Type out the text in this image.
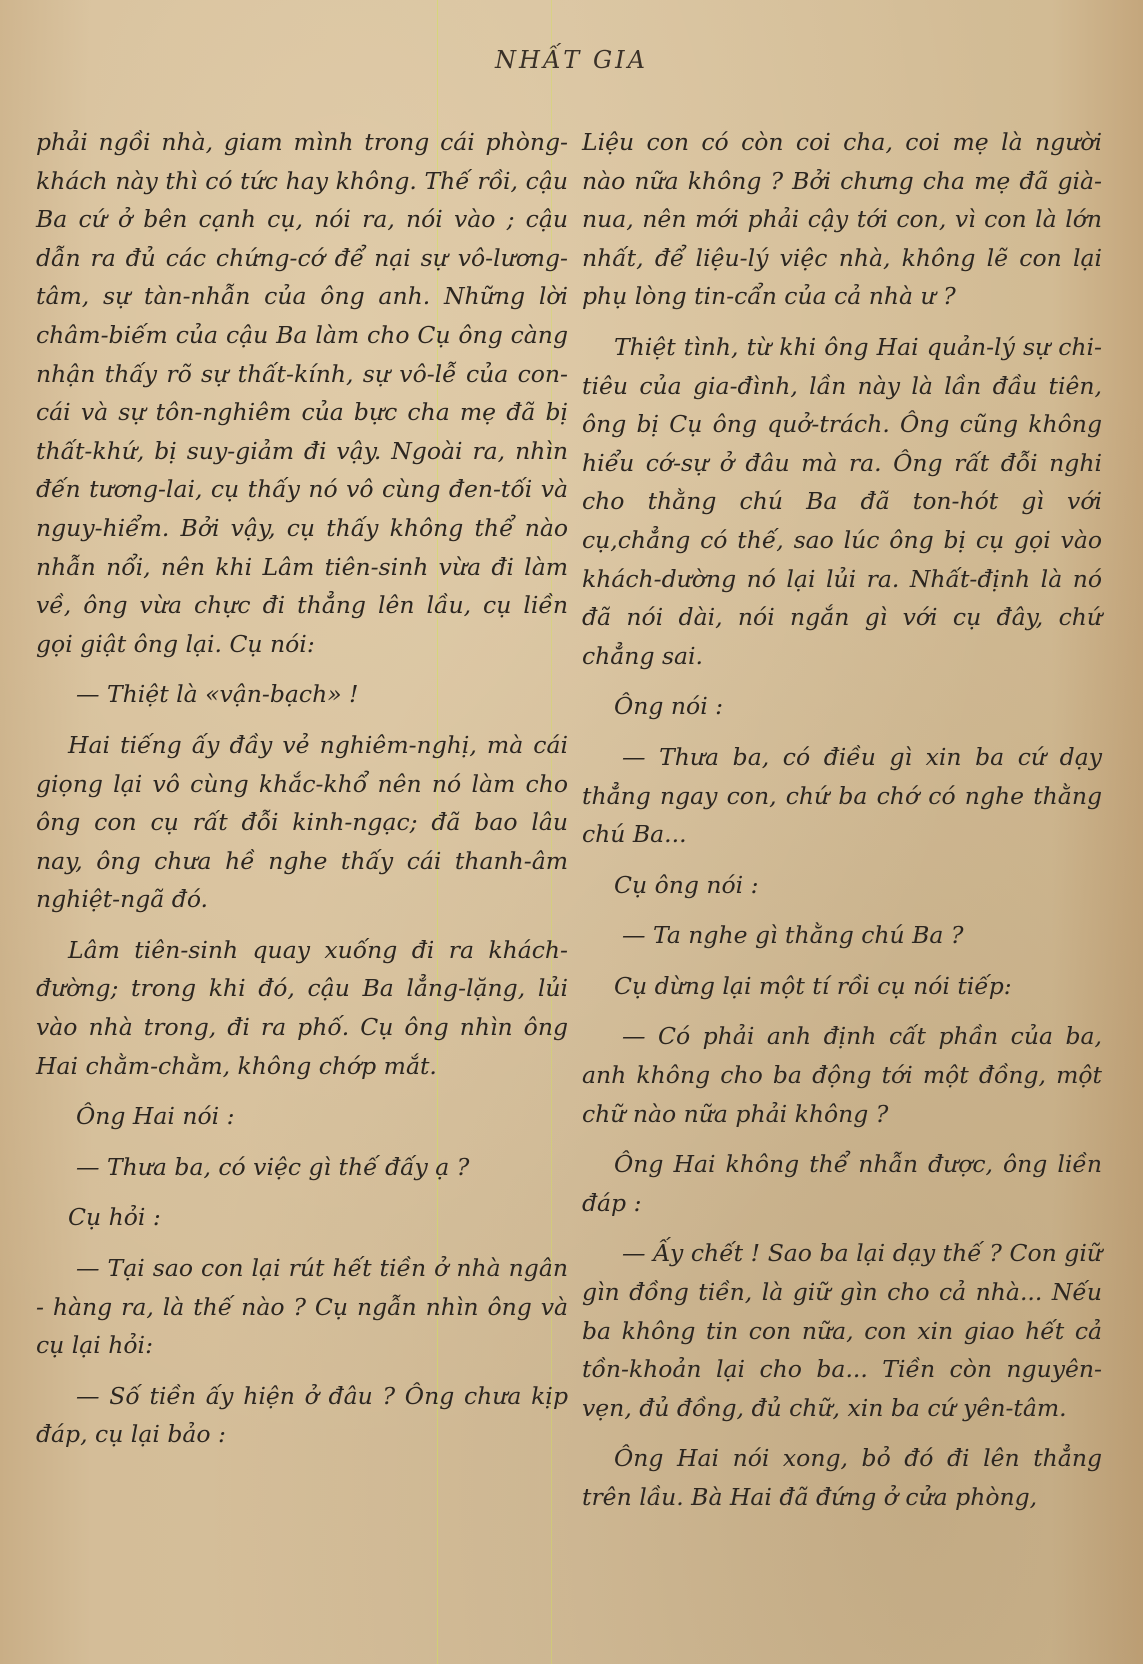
NHẤT GIA

phải ngồi nhà, giam mình trong cái phòng-khách này thì có tức hay không. Thế rồi, cậu Ba cứ ở bên cạnh cụ, nói ra, nói vào ; cậu dẫn ra đủ các chứng-cớ để nại sự vô-lương-tâm, sự tàn-nhẫn của ông anh. Những lời châm-biếm của cậu Ba làm cho Cụ ông càng nhận thấy rõ sự thất-kính, sự vô-lễ của con-cái và sự tôn-nghiêm của bực cha mẹ đã bị thất-khứ, bị suy-giảm đi vậy. Ngoài ra, nhìn đến tương-lai, cụ thấy nó vô cùng đen-tối và nguy-hiểm. Bởi vậy, cụ thấy không thể nào nhẫn nổi, nên khi Lâm tiên-sinh vừa đi làm về, ông vừa chực đi thẳng lên lầu, cụ liền gọi giật ông lại. Cụ nói:

— Thiệt là «vận-bạch» !

Hai tiếng ấy đầy vẻ nghiêm-nghị, mà cái giọng lại vô cùng khắc-khổ nên nó làm cho ông con cụ rất đỗi kinh-ngạc; đã bao lâu nay, ông chưa hề nghe thấy cái thanh-âm nghiệt-ngã đó.

Lâm tiên-sinh quay xuống đi ra khách-đường; trong khi đó, cậu Ba lẳng-lặng, lủi vào nhà trong, đi ra phố. Cụ ông nhìn ông Hai chằm-chằm, không chớp mắt.

Ông Hai nói :

— Thưa ba, có việc gì thế đấy ạ ?

Cụ hỏi :

— Tại sao con lại rút hết tiền ở nhà ngân - hàng ra, là thế nào ? Cụ ngẫn nhìn ông và cụ lại hỏi:

— Số tiền ấy hiện ở đâu ? Ông chưa kịp đáp, cụ lại bảo :

Liệu con có còn coi cha, coi mẹ là người nào nữa không ? Bởi chưng cha mẹ đã già-nua, nên mới phải cậy tới con, vì con là lớn nhất, để liệu-lý việc nhà, không lẽ con lại phụ lòng tin-cẩn của cả nhà ư ?

Thiệt tình, từ khi ông Hai quản-lý sự chi-tiêu của gia-đình, lần này là lần đầu tiên, ông bị Cụ ông quở-trách. Ông cũng không hiểu cớ-sự ở đâu mà ra. Ông rất đỗi nghi cho thằng chú Ba đã ton-hót gì với cụ,chẳng có thế, sao lúc ông bị cụ gọi vào khách-dường nó lại lủi ra. Nhất-định là nó đã nói dài, nói ngắn gì với cụ đây, chứ chẳng sai.

Ông nói :

— Thưa ba, có điều gì xin ba cứ dạy thẳng ngay con, chứ ba chớ có nghe thằng chú Ba...

Cụ ông nói :

— Ta nghe gì thằng chú Ba ?

Cụ dừng lại một tí rồi cụ nói tiếp:

— Có phải anh định cất phần của ba, anh không cho ba động tới một đồng, một chữ nào nữa phải không ?

Ông Hai không thể nhẫn được, ông liền đáp :

— Ấy chết ! Sao ba lại dạy thế ? Con giữ gìn đồng tiền, là giữ gìn cho cả nhà... Nếu ba không tin con nữa, con xin giao hết cả tồn-khoản lại cho ba... Tiền còn nguyên-vẹn, đủ đồng, đủ chữ, xin ba cứ yên-tâm.

Ông Hai nói xong, bỏ đó đi lên thẳng trên lầu. Bà Hai đã đứng ở cửa phòng,
